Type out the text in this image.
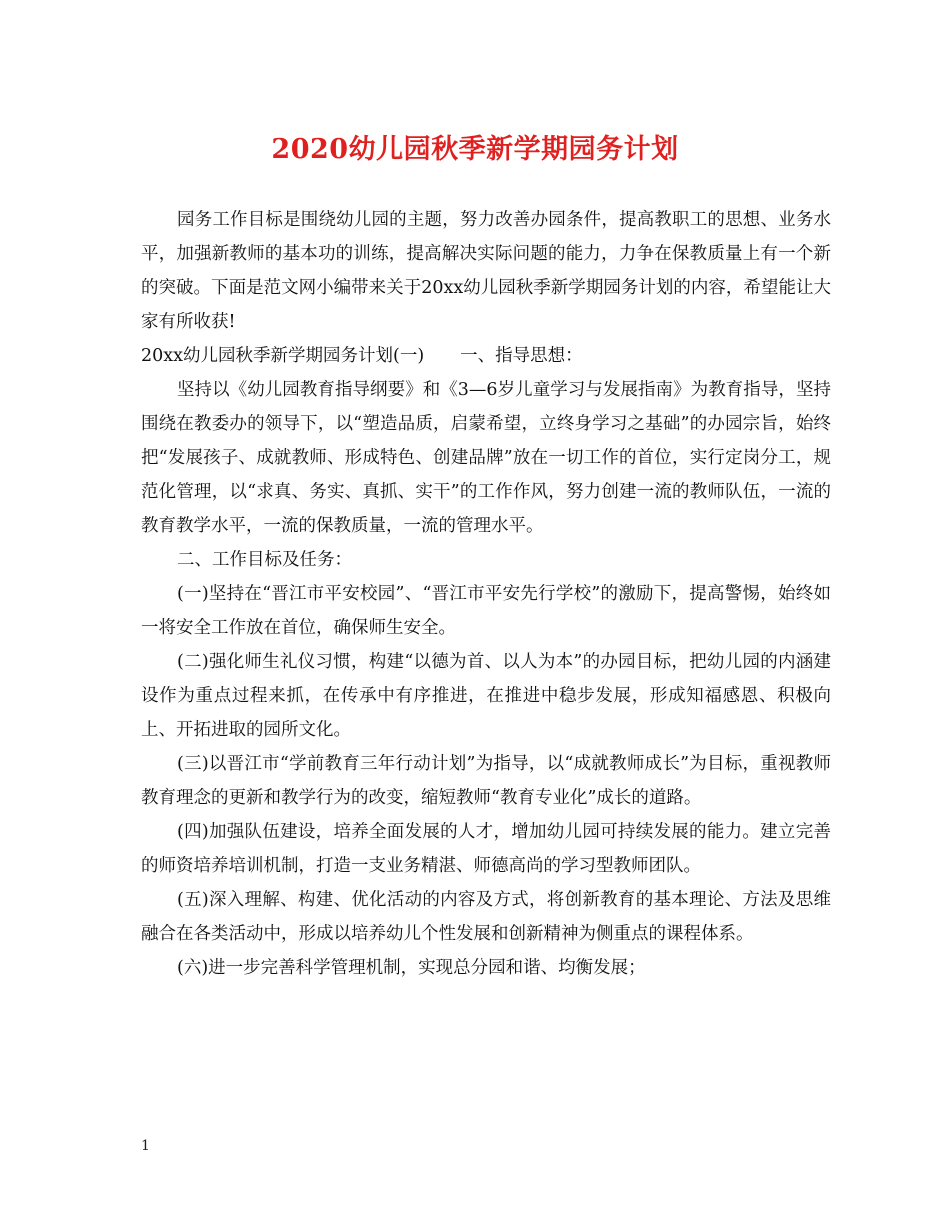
2020幼儿园秋季新学期园务计划

园务工作目标是围绕幼儿园的主题，努力改善办园条件，提高教职工的思想、业务水平，加强新教师的基本功的训练，提高解决实际问题的能力，力争在保教质量上有一个新的突破。下面是范文网小编带来关于20xx幼儿园秋季新学期园务计划的内容，希望能让大家有所收获!

20xx幼儿园秋季新学期园务计划(一) 一、指导思想：

坚持以《幼儿园教育指导纲要》和《3—6岁儿童学习与发展指南》为教育指导，坚持围绕在教委办的领导下，以“塑造品质，启蒙希望，立终身学习之基础”的办园宗旨，始终把“发展孩子、成就教师、形成特色、创建品牌”放在一切工作的首位，实行定岗分工，规范化管理，以“求真、务实、真抓、实干”的工作作风，努力创建一流的教师队伍，一流的教育教学水平，一流的保教质量，一流的管理水平。

二、工作目标及任务：

(一)坚持在“晋江市平安校园”、“晋江市平安先行学校”的激励下，提高警惕，始终如一将安全工作放在首位，确保师生安全。

(二)强化师生礼仪习惯，构建“以德为首、以人为本”的办园目标，把幼儿园的内涵建设作为重点过程来抓，在传承中有序推进，在推进中稳步发展，形成知福感恩、积极向上、开拓进取的园所文化。

(三)以晋江市“学前教育三年行动计划”为指导，以“成就教师成长”为目标，重视教师教育理念的更新和教学行为的改变，缩短教师“教育专业化”成长的道路。

(四)加强队伍建设，培养全面发展的人才，增加幼儿园可持续发展的能力。建立完善的师资培养培训机制，打造一支业务精湛、师德高尚的学习型教师团队。

(五)深入理解、构建、优化活动的内容及方式，将创新教育的基本理论、方法及思维融合在各类活动中，形成以培养幼儿个性发展和创新精神为侧重点的课程体系。

(六)进一步完善科学管理机制，实现总分园和谐、均衡发展；

1
